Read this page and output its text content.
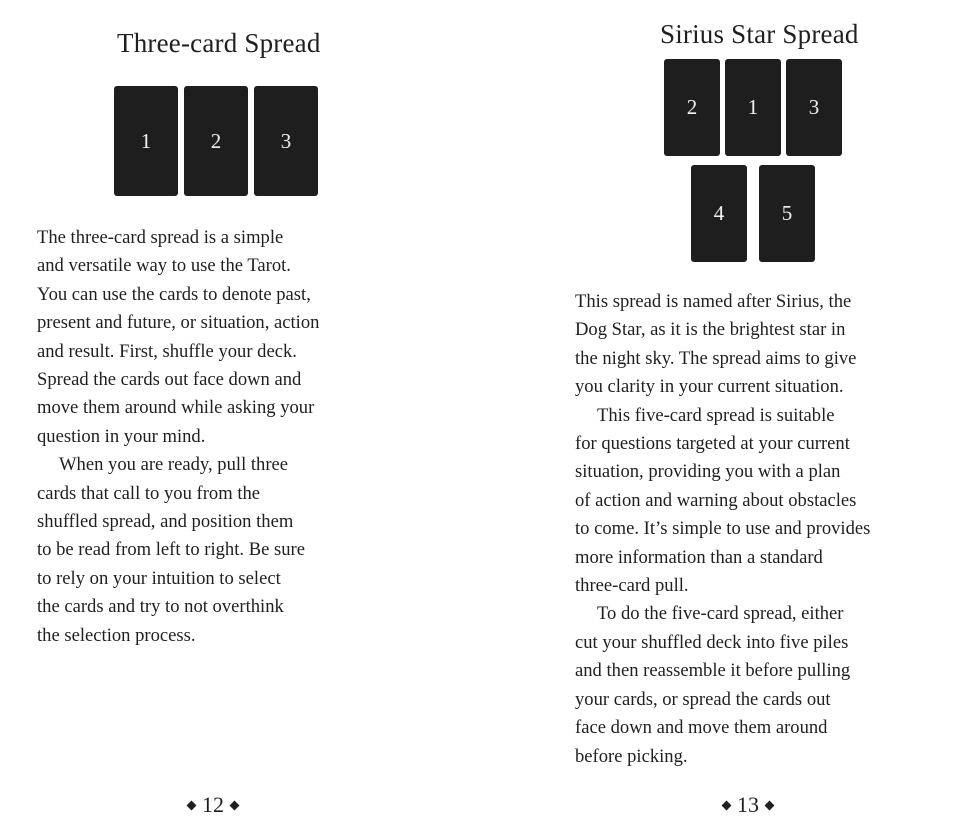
Three-card Spread
1	2	3

The three-card spread is a simple
and versatile way to use the Tarot.
You can use the cards to denote past,
present and future, or situation, action
and result. First, shuffle your deck.
Spread the cards out face down and
move them around while asking your
question in your mind.

When you are ready, pull three
cards that call to you from the
shuffled spread, and position them
to be read from left to right. Be sure
to rely on your intuition to select
the cards and try to not overthink
the selection process.

12
Sirius Star Spread
2 1 3
4	5

This spread is named after Sirius, the
Dog Star, as it is the brightest star in
the night sky. The spread aims to give
you clarity in your current situation.

This five-card spread is suitable
for questions targeted at your current
situation, providing you with a plan
of action and warning about obstacles
to come. It’s simple to use and provides
more information than a standard
three-card pull.

To do the five-card spread, either
cut your shuffled deck into five piles
and then reassemble it before pulling
your cards, or spread the cards out
face down and move them around
before picking.

13
